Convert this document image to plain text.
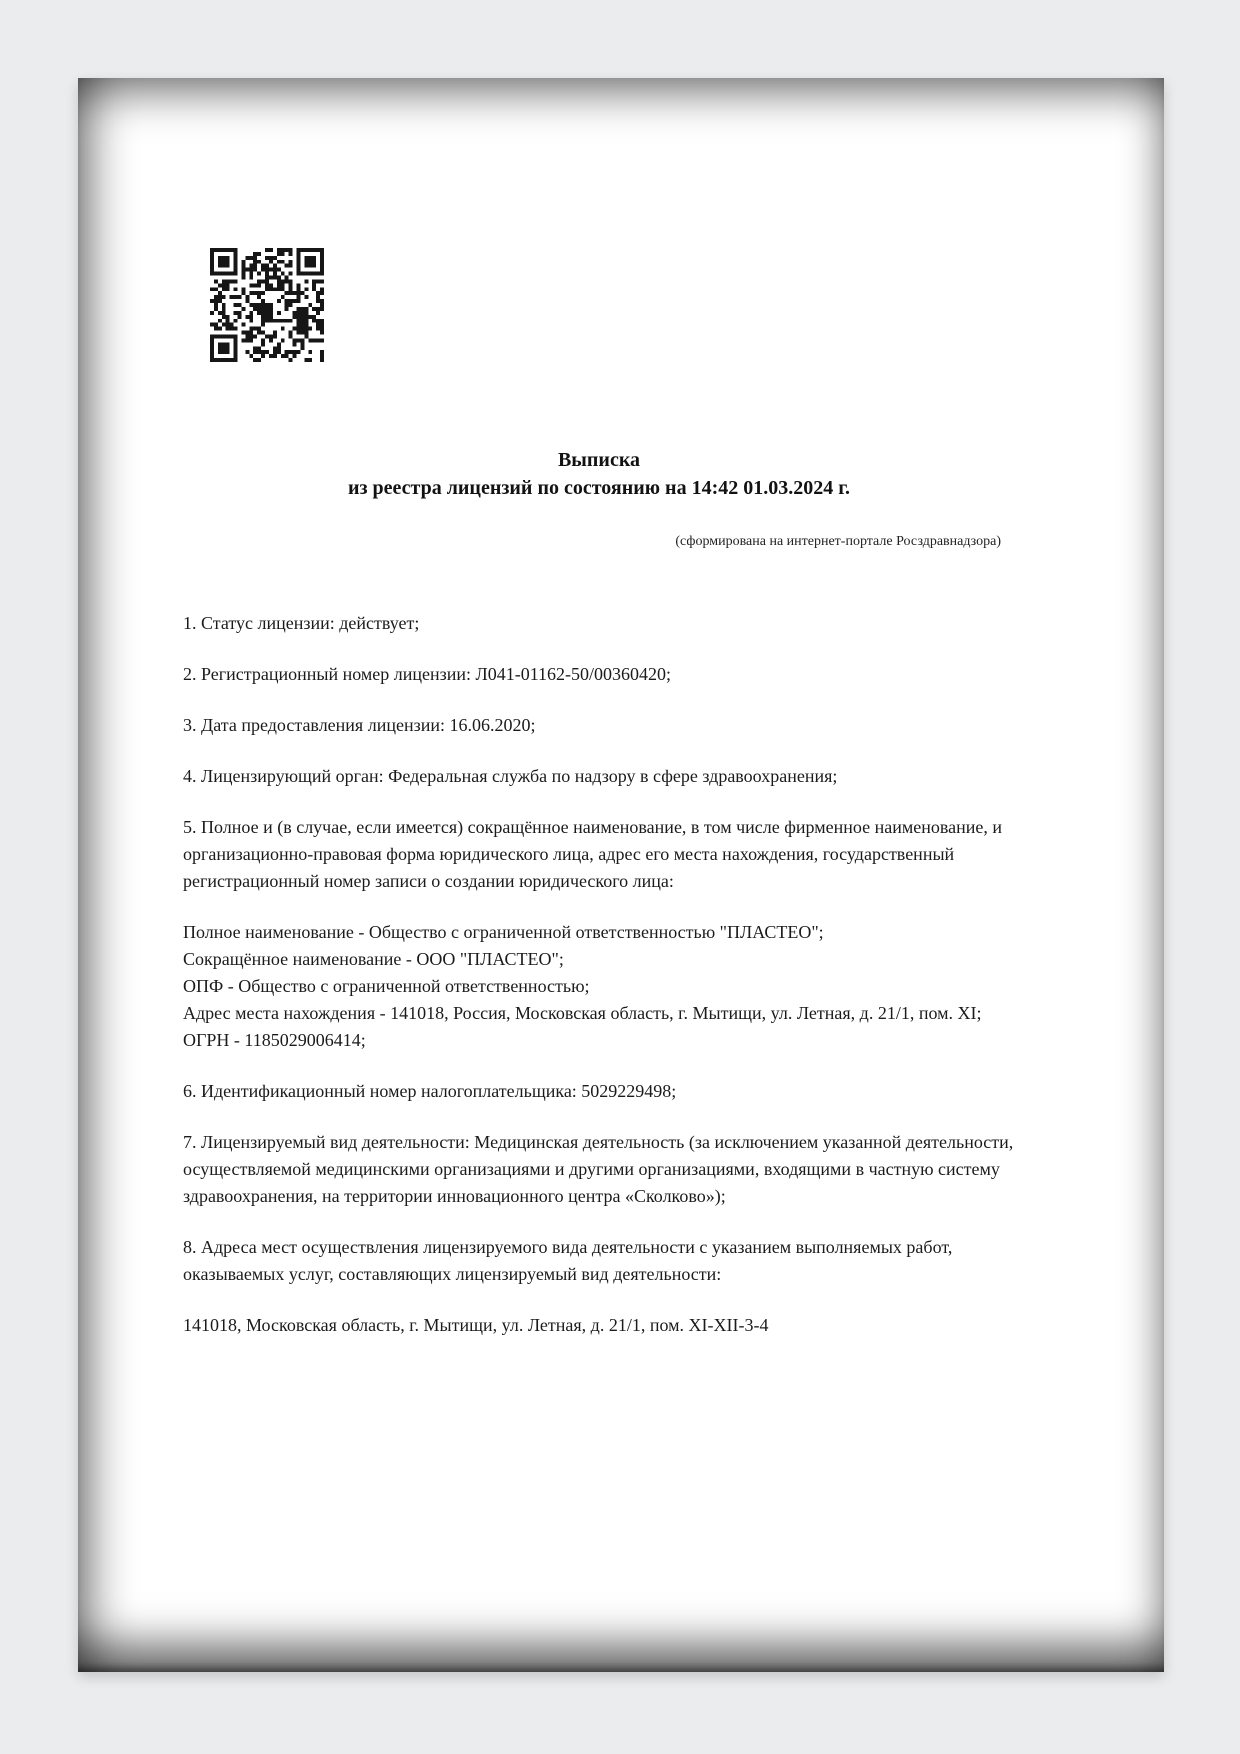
Выписка
из реестра лицензий по состоянию на 14:42 01.03.2024 г.
(сформирована на интернет-портале Росздравнадзора)

1. Статус лицензии: действует;

2. Регистрационный номер лицензии: Л041-01162-50/00360420;

3. Дата предоставления лицензии: 16.06.2020;

4. Лицензирующий орган: Федеральная служба по надзору в сфере здравоохранения;

5. Полное и (в случае, если имеется) сокращённое наименование, в том числе фирменное наименование, и организационно-правовая форма юридического лица, адрес его места нахождения, государственный регистрационный номер записи о создании юридического лица:

Полное наименование - Общество с ограниченной ответственностью "ПЛАСТЕО";
Сокращённое наименование - ООО "ПЛАСТЕО";
ОПФ - Общество с ограниченной ответственностью;
Адрес места нахождения - 141018, Россия, Московская область, г. Мытищи, ул. Летная, д. 21/1, пом. XI;
ОГРН - 1185029006414;

6. Идентификационный номер налогоплательщика: 5029229498;

7. Лицензируемый вид деятельности: Медицинская деятельность (за исключением указанной деятельности, осуществляемой медицинскими организациями и другими организациями, входящими в частную систему здравоохранения, на территории инновационного центра «Сколково»);

8. Адреса мест осуществления лицензируемого вида деятельности с указанием выполняемых работ, оказываемых услуг, составляющих лицензируемый вид деятельности:

141018, Московская область, г. Мытищи, ул. Летная, д. 21/1, пом. XI-XII-3-4
